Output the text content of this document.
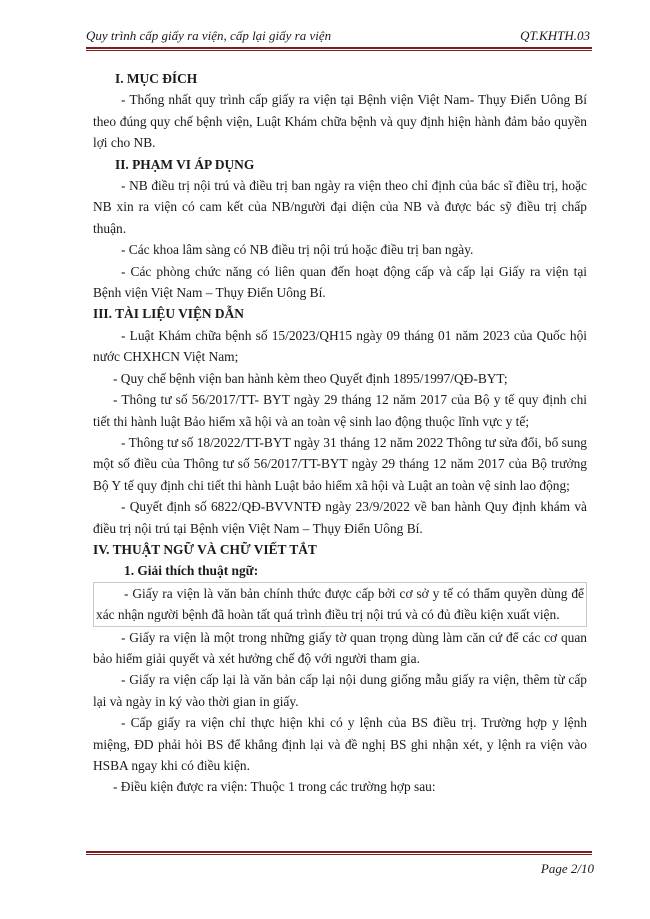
Quy trình cấp giấy ra viện, cấp lại giấy ra viện	QT.KHTH.03

I. MỤC ĐÍCH

- Thống nhất quy trình cấp giấy ra viện tại Bệnh viện Việt Nam- Thụy Điển Uông Bí theo đúng quy chế bệnh viện, Luật Khám chữa bệnh và quy định hiện hành đảm bảo quyền lợi cho NB.

II. PHẠM VI ÁP DỤNG

- NB điều trị nội trú và điều trị ban ngày ra viện theo chỉ định của bác sĩ điều trị, hoặc NB xin ra viện có cam kết của NB/người đại diện của NB và được bác sỹ điều trị chấp thuận.

- Các khoa lâm sàng có NB điều trị nội trú hoặc điều trị ban ngày.

- Các phòng chức năng có liên quan đến hoạt động cấp và cấp lại Giấy ra viện tại Bệnh viện Việt Nam – Thụy Điển Uông Bí.

III. TÀI LIỆU VIỆN DẪN

- Luật Khám chữa bệnh số 15/2023/QH15 ngày 09 tháng 01 năm 2023 của Quốc hội nước CHXHCN Việt Nam;

- Quy chế bệnh viện ban hành kèm theo Quyết định 1895/1997/QĐ-BYT;

- Thông tư số 56/2017/TT- BYT ngày 29 tháng 12 năm 2017 của Bộ y tế quy định chi tiết thi hành luật Bảo hiểm xã hội và an toàn vệ sinh lao động thuộc lĩnh vực y tế;

- Thông tư số 18/2022/TT-BYT ngày 31 tháng 12 năm 2022 Thông tư sửa đổi, bổ sung một số điều của Thông tư số 56/2017/TT-BYT ngày 29 tháng 12 năm 2017 của Bộ trưởng Bộ Y tế quy định chi tiết thi hành Luật bảo hiểm xã hội và Luật an toàn vệ sinh lao động;

- Quyết định số 6822/QĐ-BVVNTĐ ngày 23/9/2022 về ban hành Quy định khám và điều trị nội trú tại Bệnh viện Việt Nam – Thụy Điển Uông Bí.

IV. THUẬT NGỮ VÀ CHỮ VIẾT TẮT

1. Giải thích thuật ngữ:

- Giấy ra viện là văn bản chính thức được cấp bởi cơ sở y tế có thẩm quyền dùng để xác nhận người bệnh đã hoàn tất quá trình điều trị nội trú và có đủ điều kiện xuất viện.

- Giấy ra viện là một trong những giấy tờ quan trọng dùng làm căn cứ để các cơ quan bảo hiểm giải quyết và xét hưởng chế độ với người tham gia.

- Giấy ra viện cấp lại là văn bản cấp lại nội dung giống mẫu giấy ra viện, thêm từ cấp lại và ngày in ký vào thời gian in giấy.

- Cấp giấy ra viện chỉ thực hiện khi có y lệnh của BS điều trị. Trường hợp y lệnh miệng, ĐD phải hỏi BS để khẳng định lại và đề nghị BS ghi nhận xét, y lệnh ra viện vào HSBA ngay khi có điều kiện.

- Điều kiện được ra viện: Thuộc 1 trong các trường hợp sau:

Page 2/10
